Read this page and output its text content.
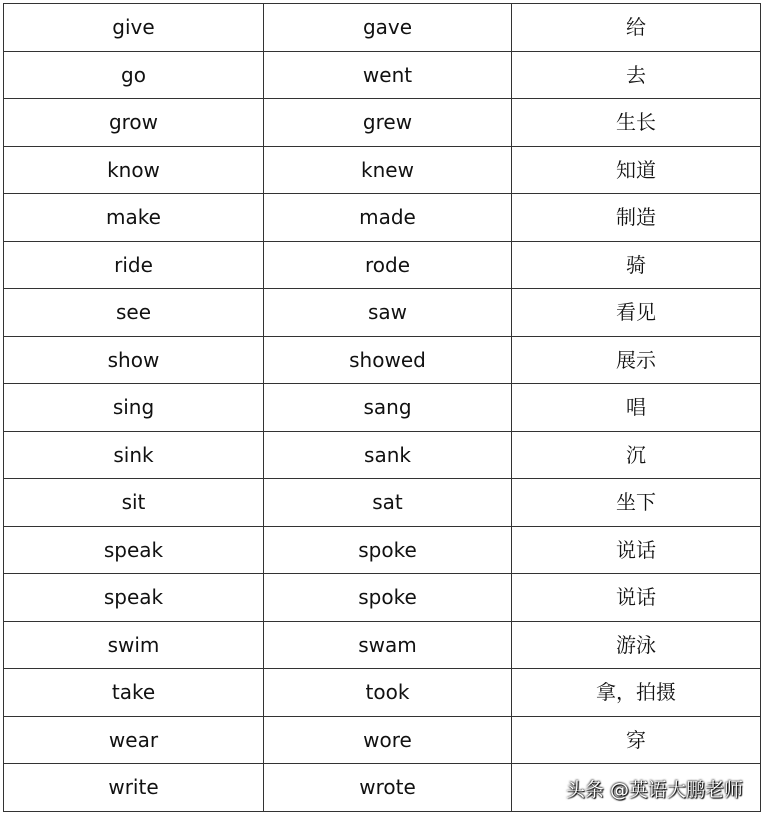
give	gave	给
go	went	去
grow	grew	生长
know	knew	知道
make	made	制造
ride	rode	骑
see	saw	看见
show	showed	展示
sing	sang	唱
sink	sank	沉
sit	sat	坐下
speak	spoke	说话
speak	spoke	说话
swim	swam	游泳
take	took	拿，拍摄
wear	wore	穿
write	wrote		头条 @英语大鹏老师
